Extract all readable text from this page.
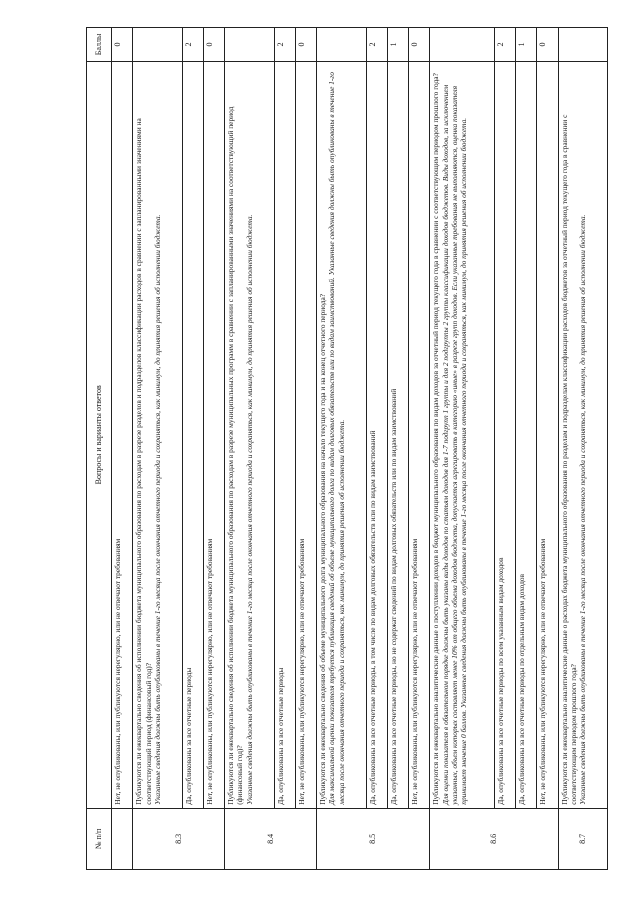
№ п/п	Вопросы и варианты ответов	Баллы
	Нет, не опубликованы, или публикуются нерегулярно, или не отвечают требованиям	0
8.3	Публикуются ли ежеквартально сведения об исполнении бюджета муниципального образования по расходам в разрезе разделов и подразделов классификации расходов в сравнении с запланированными значениями на соответствующий период (финансовый год)? Указанные сведения должны быть опубликованы в течение 1-го месяца после окончания отчетного периода и сохраняться, как минимум, до принятия решения об исполнении бюджета.	

	Да, опубликованы за все отчетные периоды	2
	Нет, не опубликованы, или публикуются нерегулярно, или не отвечают требованиям	0
8.4	Публикуются ли ежеквартально сведения об исполнении бюджета муниципального образования по расходам в разрезе муниципальных программ в сравнении с запланированными значениями на соответствующий период (финансовый год)? Указанные сведения должны быть опубликованы в течение 1-го месяца после окончания отчетного периода и сохраняться, как минимум, до принятия решения об исполнении бюджета.	

	Да, опубликованы за все отчетные периоды	2
	Нет, не опубликованы, или публикуются нерегулярно, или не отвечают требованиям	0
8.5	Публикуются ли ежеквартально сведения об объеме муниципального долга муниципального образования на начало текущего года и на конец отчетного периода? Для максимальной оценки показателя требуется публикация сведений об объеме муниципального долга по видам долговых обязательств или по видам заимствований. Указанные сведения должны быть опубликованы в течение 1-го месяца после окончания отчетного периода и сохраняться, как минимум, до принятия решения об исполнении бюджета.	

	Да, опубликованы за все отчетные периоды, в том числе по видам долговых обязательств или по видам заимствований	2
	Да, опубликованы за все отчетные периоды, но не содержат сведений по видам долговых обязательств или по видам заимствований	1
	Нет, не опубликованы, или публикуются нерегулярно, или не отвечают требованиям	0
8.6	Публикуются ли ежеквартально аналитические данные о поступлении доходов в бюджет муниципального образования по видам доходов за отчетный период текущего года в сравнении с соответствующим периодом прошлого года? Для оценки показателя в обязательном порядке должны быть указаны виды доходов по статьям доходов для 1-7 подгрупп 1 группы и для 2 подгруппы 2 группы классификации доходов бюджетов. Виды доходов, за исключением указанных, объем которых составляет менее 10% от общего объема доходов бюджета, допускается агрегировать в категорию «иные» в разрезе групп доходов. Если указанные требования не выполняются, оценка показателя принимает значение 0 баллов. Указанные сведения должны быть опубликованы в течение 1-го месяца после окончания отчетного периода и сохраняться, как минимум, до принятия решения об исполнении бюджета.	

	Да, опубликованы за все отчетные периоды по всем указанным видам доходов	2
	Да, опубликованы за все отчетные периоды по отдельным видам доходов	1
	Нет, не опубликованы, или публикуются нерегулярно, или не отвечают требованиям	0
8.7	Публикуются ли ежеквартально аналитические данные о расходах бюджета муниципального образования по разделам и подразделам классификации расходов бюджетов за отчетный период текущего года в сравнении с соответствующим периодом прошлого года? Указанные сведения должны быть опубликованы в течение 1-го месяца после окончания отчетного периода и сохраняться, как минимум, до принятия решения об исполнении бюджета.	
